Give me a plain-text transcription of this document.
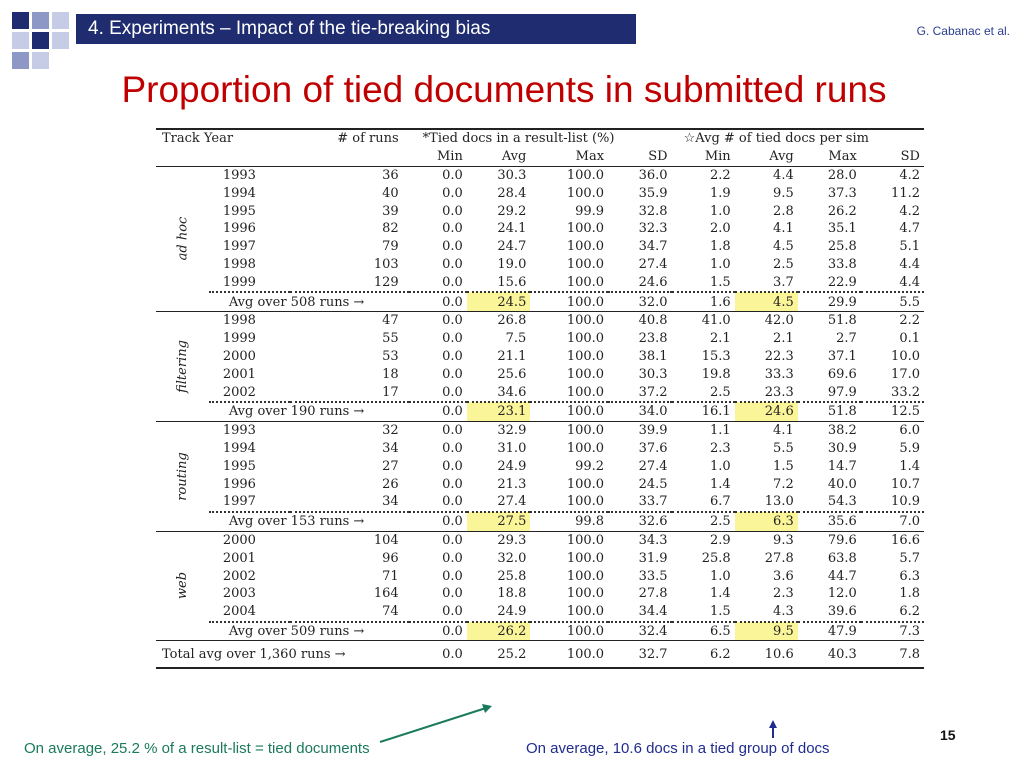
4. Experiments – Impact of the tie-breaking bias	G. Cabanac et al.
Proportion of tied documents in submitted runs
Track Year		# of runs	*Tied docs in a result-list (%)				☆Avg # of tied docs per sim			
			Min	Avg	Max	SD	Min	Avg	Max	SD
ad hoc	1993	36	0.0	30.3	100.0	36.0	2.2	4.4	28.0	4.2
	1994	40	0.0	28.4	100.0	35.9	1.9	9.5	37.3	11.2
	1995	39	0.0	29.2	99.9	32.8	1.0	2.8	26.2	4.2
	1996	82	0.0	24.1	100.0	32.3	2.0	4.1	35.1	4.7
	1997	79	0.0	24.7	100.0	34.7	1.8	4.5	25.8	5.1
	1998	103	0.0	19.0	100.0	27.4	1.0	2.5	33.8	4.4
	1999	129	0.0	15.6	100.0	24.6	1.5	3.7	22.9	4.4
	Avg over 508 runs →		0.0	24.5	100.0	32.0	1.6	4.5	29.9	5.5
filtering	1998	47	0.0	26.8	100.0	40.8	41.0	42.0	51.8	2.2
	1999	55	0.0	7.5	100.0	23.8	2.1	2.1	2.7	0.1
	2000	53	0.0	21.1	100.0	38.1	15.3	22.3	37.1	10.0
	2001	18	0.0	25.6	100.0	30.3	19.8	33.3	69.6	17.0
	2002	17	0.0	34.6	100.0	37.2	2.5	23.3	97.9	33.2
	Avg over 190 runs →		0.0	23.1	100.0	34.0	16.1	24.6	51.8	12.5
routing	1993	32	0.0	32.9	100.0	39.9	1.1	4.1	38.2	6.0
	1994	34	0.0	31.0	100.0	37.6	2.3	5.5	30.9	5.9
	1995	27	0.0	24.9	99.2	27.4	1.0	1.5	14.7	1.4
	1996	26	0.0	21.3	100.0	24.5	1.4	7.2	40.0	10.7
	1997	34	0.0	27.4	100.0	33.7	6.7	13.0	54.3	10.9
	Avg over 153 runs →		0.0	27.5	99.8	32.6	2.5	6.3	35.6	7.0
web	2000	104	0.0	29.3	100.0	34.3	2.9	9.3	79.6	16.6
	2001	96	0.0	32.0	100.0	31.9	25.8	27.8	63.8	5.7
	2002	71	0.0	25.8	100.0	33.5	1.0	3.6	44.7	6.3
	2003	164	0.0	18.8	100.0	27.8	1.4	2.3	12.0	1.8
	2004	74	0.0	24.9	100.0	34.4	1.5	4.3	39.6	6.2
	Avg over 509 runs →		0.0	26.2	100.0	32.4	6.5	9.5	47.9	7.3
Total avg over 1,360 runs →			0.0	25.2	100.0	32.7	6.2	10.6	40.3	7.8
On average, 25.2 % of a result-list = tied documents	On average, 10.6 docs in a tied group of docs
15
